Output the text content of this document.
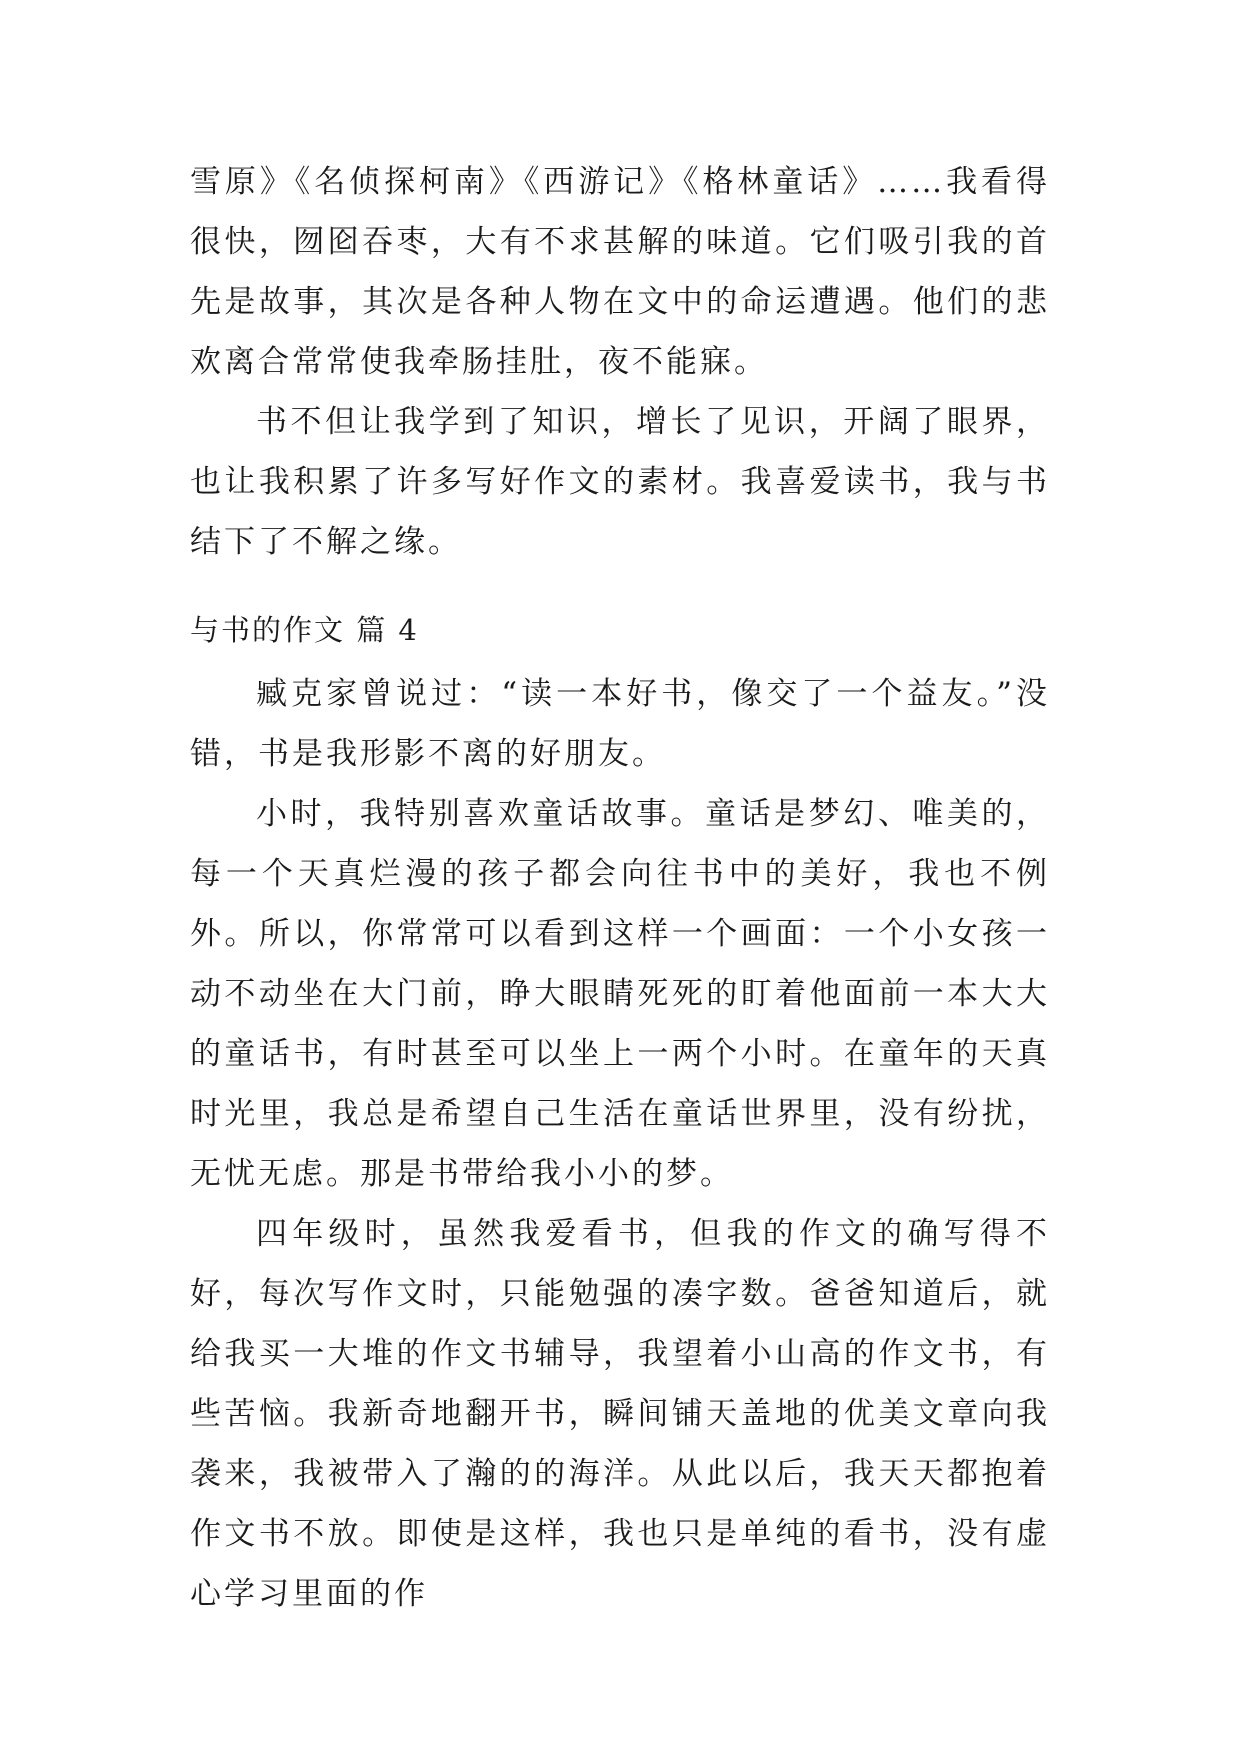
雪原》《名侦探柯南》《西游记》《格林童话》……我看得很快，囫囵吞枣，大有不求甚解的味道。它们吸引我的首先是故事，其次是各种人物在文中的命运遭遇。他们的悲欢离合常常使我牵肠挂肚，夜不能寐。

书不但让我学到了知识，增长了见识，开阔了眼界，也让我积累了许多写好作文的素材。我喜爱读书，我与书结下了不解之缘。

与书的作文 篇 4

臧克家曾说过：“读一本好书，像交了一个益友。”没错，书是我形影不离的好朋友。

小时，我特别喜欢童话故事。童话是梦幻、唯美的，每一个天真烂漫的孩子都会向往书中的美好，我也不例外。所以，你常常可以看到这样一个画面：一个小女孩一动不动坐在大门前，睁大眼睛死死的盯着他面前一本大大的童话书，有时甚至可以坐上一两个小时。在童年的天真时光里，我总是希望自己生活在童话世界里，没有纷扰，无忧无虑。那是书带给我小小的梦。

四年级时，虽然我爱看书，但我的作文的确写得不好，每次写作文时，只能勉强的凑字数。爸爸知道后，就给我买一大堆的作文书辅导，我望着小山高的作文书，有些苦恼。我新奇地翻开书，瞬间铺天盖地的优美文章向我袭来，我被带入了瀚的的海洋。从此以后，我天天都抱着作文书不放。即使是这样，我也只是单纯的看书，没有虚心学习里面的作
